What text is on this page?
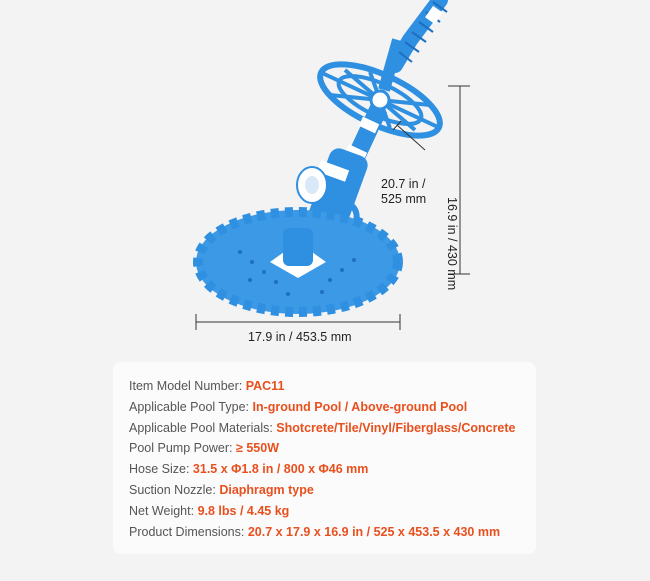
17.9 in / 453.5 mm
20.7 in /
525 mm	16.9 in / 430 mm
Item Model Number: PAC11
Applicable Pool Type: In-ground Pool / Above-ground Pool
Applicable Pool Materials: Shotcrete/Tile/Vinyl/Fiberglass/Concrete
Pool Pump Power: ≥ 550W
Hose Size: 31.5 x Φ1.8 in / 800 x Φ46 mm
Suction Nozzle: Diaphragm type
Net Weight: 9.8 lbs / 4.45 kg
Product Dimensions: 20.7 x 17.9 x 16.9 in / 525 x 453.5 x 430 mm
